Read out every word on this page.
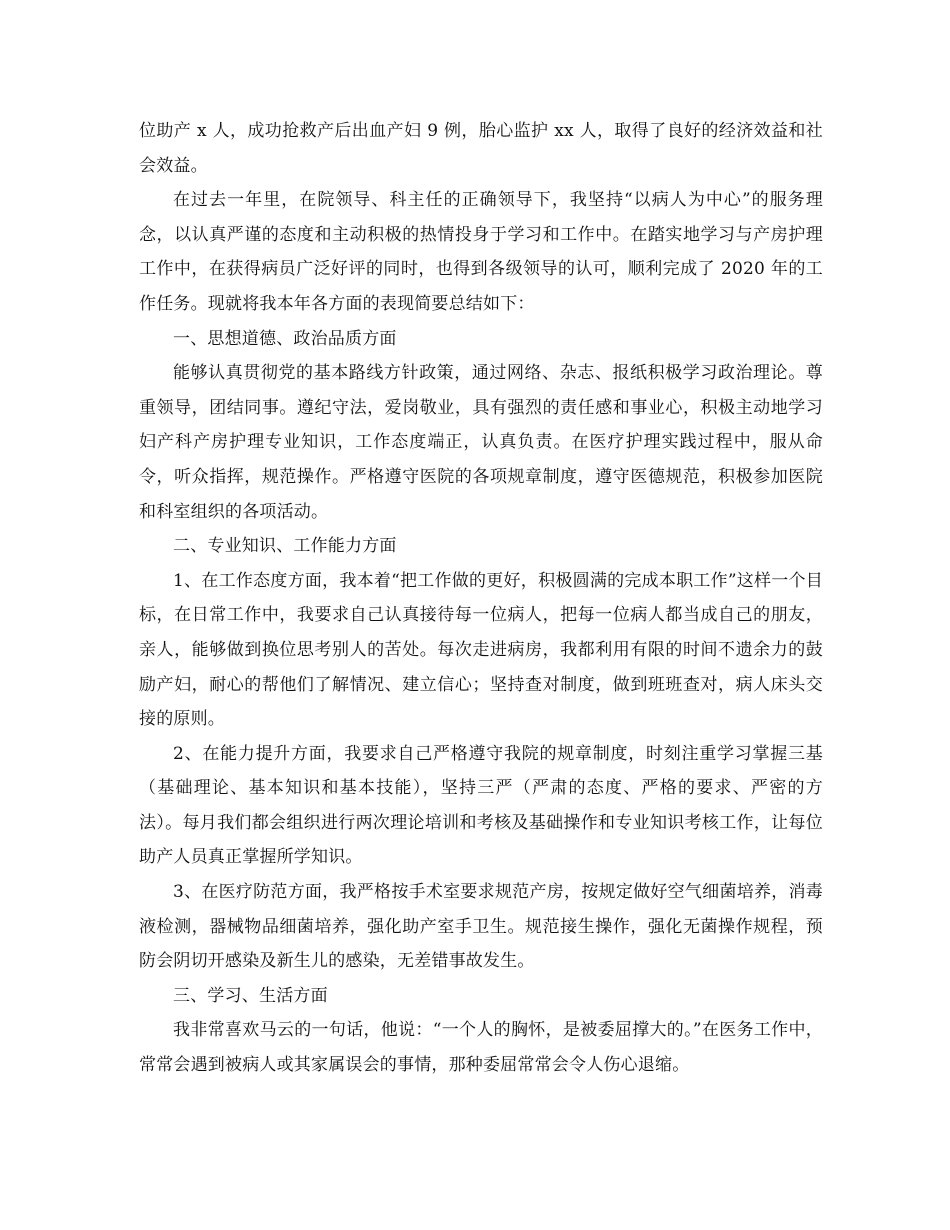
位助产 x 人，成功抢救产后出血产妇 9 例，胎心监护 xx 人，取得了良好的经济效益和社会效益。

在过去一年里，在院领导、科主任的正确领导下，我坚持“以病人为中心”的服务理念，以认真严谨的态度和主动积极的热情投身于学习和工作中。在踏实地学习与产房护理工作中，在获得病员广泛好评的同时，也得到各级领导的认可，顺利完成了 2020 年的工作任务。现就将我本年各方面的表现简要总结如下：

一、思想道德、政治品质方面

能够认真贯彻党的基本路线方针政策，通过网络、杂志、报纸积极学习政治理论。尊重领导，团结同事。遵纪守法，爱岗敬业，具有强烈的责任感和事业心，积极主动地学习妇产科产房护理专业知识，工作态度端正，认真负责。在医疗护理实践过程中，服从命令，听众指挥，规范操作。严格遵守医院的各项规章制度，遵守医德规范，积极参加医院和科室组织的各项活动。

二、专业知识、工作能力方面

1、在工作态度方面，我本着“把工作做的更好，积极圆满的完成本职工作”这样一个目标，在日常工作中，我要求自己认真接待每一位病人，把每一位病人都当成自己的朋友，亲人，能够做到换位思考别人的苦处。每次走进病房，我都利用有限的时间不遗余力的鼓励产妇，耐心的帮他们了解情况、建立信心；坚持查对制度，做到班班查对，病人床头交接的原则。

2、在能力提升方面，我要求自己严格遵守我院的规章制度，时刻注重学习掌握三基（基础理论、基本知识和基本技能），坚持三严（严肃的态度、严格的要求、严密的方法）。每月我们都会组织进行两次理论培训和考核及基础操作和专业知识考核工作，让每位助产人员真正掌握所学知识。

3、在医疗防范方面，我严格按手术室要求规范产房，按规定做好空气细菌培养，消毒液检测，器械物品细菌培养，强化助产室手卫生。规范接生操作，强化无菌操作规程，预防会阴切开感染及新生儿的感染，无差错事故发生。

三、学习、生活方面

我非常喜欢马云的一句话，他说：“一个人的胸怀，是被委屈撑大的。”在医务工作中，常常会遇到被病人或其家属误会的事情，那种委屈常常会令人伤心退缩。
